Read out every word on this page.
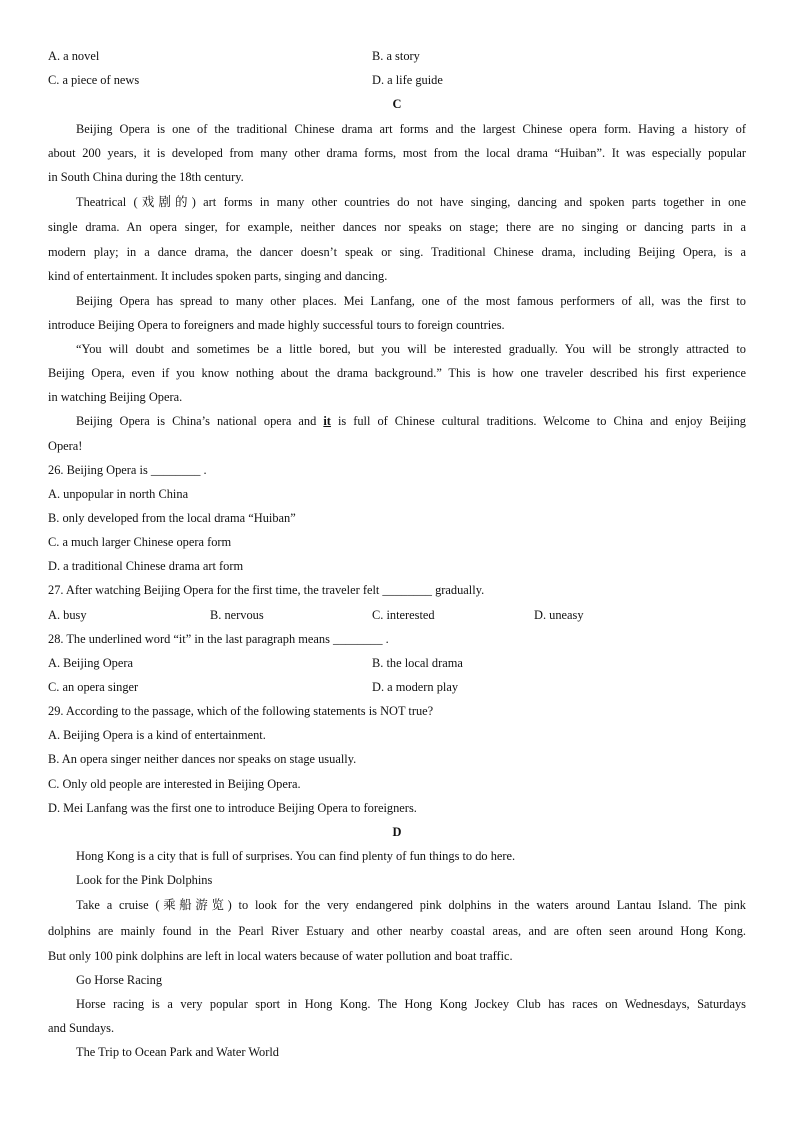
A. a novel	B. a story
C. a piece of news	D. a life guide
C
Beijing Opera is one of the traditional Chinese drama art forms and the largest Chinese opera form. Having a history of
about 200 years, it is developed from many other drama forms, most from the local drama “Huiban”. It was especially popular
in South China during the 18th century.
Theatrical (戏剧的) art forms in many other countries do not have singing, dancing and spoken parts together in one
single drama. An opera singer, for example, neither dances nor speaks on stage; there are no singing or dancing parts in a
modern play; in a dance drama, the dancer doesn’t speak or sing. Traditional Chinese drama, including Beijing Opera, is a
kind of entertainment. It includes spoken parts, singing and dancing.
Beijing Opera has spread to many other places. Mei Lanfang, one of the most famous performers of all, was the first to
introduce Beijing Opera to foreigners and made highly successful tours to foreign countries.
“You will doubt and sometimes be a little bored, but you will be interested gradually. You will be strongly attracted to
Beijing Opera, even if you know nothing about the drama background.” This is how one traveler described his first experience
in watching Beijing Opera.
Beijing Opera is China’s national opera and it is full of Chinese cultural traditions. Welcome to China and enjoy Beijing
Opera!
26. Beijing Opera is ________ .
A. unpopular in north China
B. only developed from the local drama “Huiban”
C. a much larger Chinese opera form
D. a traditional Chinese drama art form
27. After watching Beijing Opera for the first time, the traveler felt ________ gradually.
A. busy	B. nervous	C. interested	D. uneasy
28. The underlined word “it” in the last paragraph means ________ .
A. Beijing Opera	B. the local drama
C. an opera singer	D. a modern play
29. According to the passage, which of the following statements is NOT true?
A. Beijing Opera is a kind of entertainment.
B. An opera singer neither dances nor speaks on stage usually.
C. Only old people are interested in Beijing Opera.
D. Mei Lanfang was the first one to introduce Beijing Opera to foreigners.
D
Hong Kong is a city that is full of surprises. You can find plenty of fun things to do here.
Look for the Pink Dolphins
Take a cruise (乘船游览) to look for the very endangered pink dolphins in the waters around Lantau Island. The pink
dolphins are mainly found in the Pearl River Estuary and other nearby coastal areas, and are often seen around Hong Kong.
But only 100 pink dolphins are left in local waters because of water pollution and boat traffic.
Go Horse Racing
Horse racing is a very popular sport in Hong Kong. The Hong Kong Jockey Club has races on Wednesdays, Saturdays
and Sundays.
The Trip to Ocean Park and Water World
